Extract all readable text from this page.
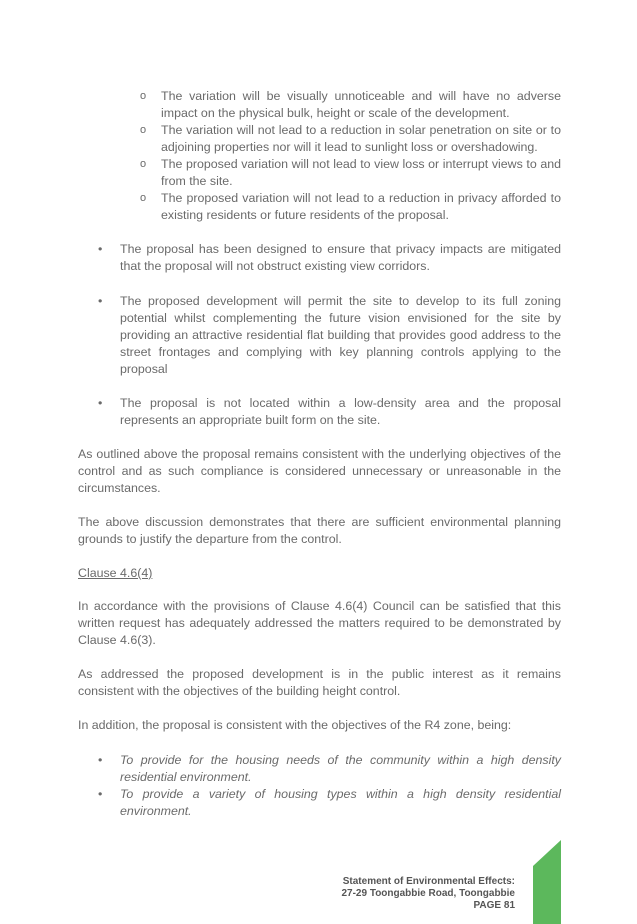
o The variation will be visually unnoticeable and will have no adverse impact on the physical bulk, height or scale of the development.
o The variation will not lead to a reduction in solar penetration on site or to adjoining properties nor will it lead to sunlight loss or overshadowing.
o The proposed variation will not lead to view loss or interrupt views to and from the site.
o The proposed variation will not lead to a reduction in privacy afforded to existing residents or future residents of the proposal.
• The proposal has been designed to ensure that privacy impacts are mitigated that the proposal will not obstruct existing view corridors.
• The proposed development will permit the site to develop to its full zoning potential whilst complementing the future vision envisioned for the site by providing an attractive residential flat building that provides good address to the street frontages and complying with key planning controls applying to the proposal
• The proposal is not located within a low-density area and the proposal represents an appropriate built form on the site.

As outlined above the proposal remains consistent with the underlying objectives of the control and as such compliance is considered unnecessary or unreasonable in the circumstances.

The above discussion demonstrates that there are sufficient environmental planning grounds to justify the departure from the control.

Clause 4.6(4)

In accordance with the provisions of Clause 4.6(4) Council can be satisfied that this written request has adequately addressed the matters required to be demonstrated by Clause 4.6(3).

As addressed the proposed development is in the public interest as it remains consistent with the objectives of the building height control.

In addition, the proposal is consistent with the objectives of the R4 zone, being:

• To provide for the housing needs of the community within a high density residential environment.
• To provide a variety of housing types within a high density residential environment.
Statement of Environmental Effects:
27-29 Toongabbie Road, Toongabbie
PAGE 81
